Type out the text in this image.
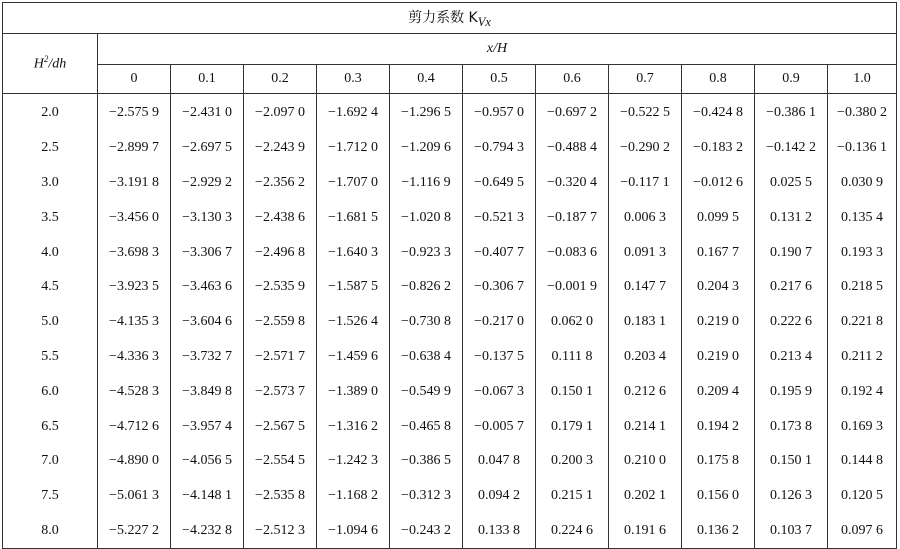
剪力系数 $K_{Vx}$
$H^2/dh$	x/H										
	0	0.1	0.2	0.3	0.4	0.5	0.6	0.7	0.8	0.9	1.0
2.0	−2.575 9	−2.431 0	−2.097 0	−1.692 4	−1.296 5	−0.957 0	−0.697 2	−0.522 5	−0.424 8	−0.386 1	−0.380 2
2.5	−2.899 7	−2.697 5	−2.243 9	−1.712 0	−1.209 6	−0.794 3	−0.488 4	−0.290 2	−0.183 2	−0.142 2	−0.136 1
3.0	−3.191 8	−2.929 2	−2.356 2	−1.707 0	−1.116 9	−0.649 5	−0.320 4	−0.117 1	−0.012 6	0.025 5	0.030 9
3.5	−3.456 0	−3.130 3	−2.438 6	−1.681 5	−1.020 8	−0.521 3	−0.187 7	0.006 3	0.099 5	0.131 2	0.135 4
4.0	−3.698 3	−3.306 7	−2.496 8	−1.640 3	−0.923 3	−0.407 7	−0.083 6	0.091 3	0.167 7	0.190 7	0.193 3
4.5	−3.923 5	−3.463 6	−2.535 9	−1.587 5	−0.826 2	−0.306 7	−0.001 9	0.147 7	0.204 3	0.217 6	0.218 5
5.0	−4.135 3	−3.604 6	−2.559 8	−1.526 4	−0.730 8	−0.217 0	0.062 0	0.183 1	0.219 0	0.222 6	0.221 8
5.5	−4.336 3	−3.732 7	−2.571 7	−1.459 6	−0.638 4	−0.137 5	0.111 8	0.203 4	0.219 0	0.213 4	0.211 2
6.0	−4.528 3	−3.849 8	−2.573 7	−1.389 0	−0.549 9	−0.067 3	0.150 1	0.212 6	0.209 4	0.195 9	0.192 4
6.5	−4.712 6	−3.957 4	−2.567 5	−1.316 2	−0.465 8	−0.005 7	0.179 1	0.214 1	0.194 2	0.173 8	0.169 3
7.0	−4.890 0	−4.056 5	−2.554 5	−1.242 3	−0.386 5	0.047 8	0.200 3	0.210 0	0.175 8	0.150 1	0.144 8
7.5	−5.061 3	−4.148 1	−2.535 8	−1.168 2	−0.312 3	0.094 2	0.215 1	0.202 1	0.156 0	0.126 3	0.120 5
8.0	−5.227 2	−4.232 8	−2.512 3	−1.094 6	−0.243 2	0.133 8	0.224 6	0.191 6	0.136 2	0.103 7	0.097 6
